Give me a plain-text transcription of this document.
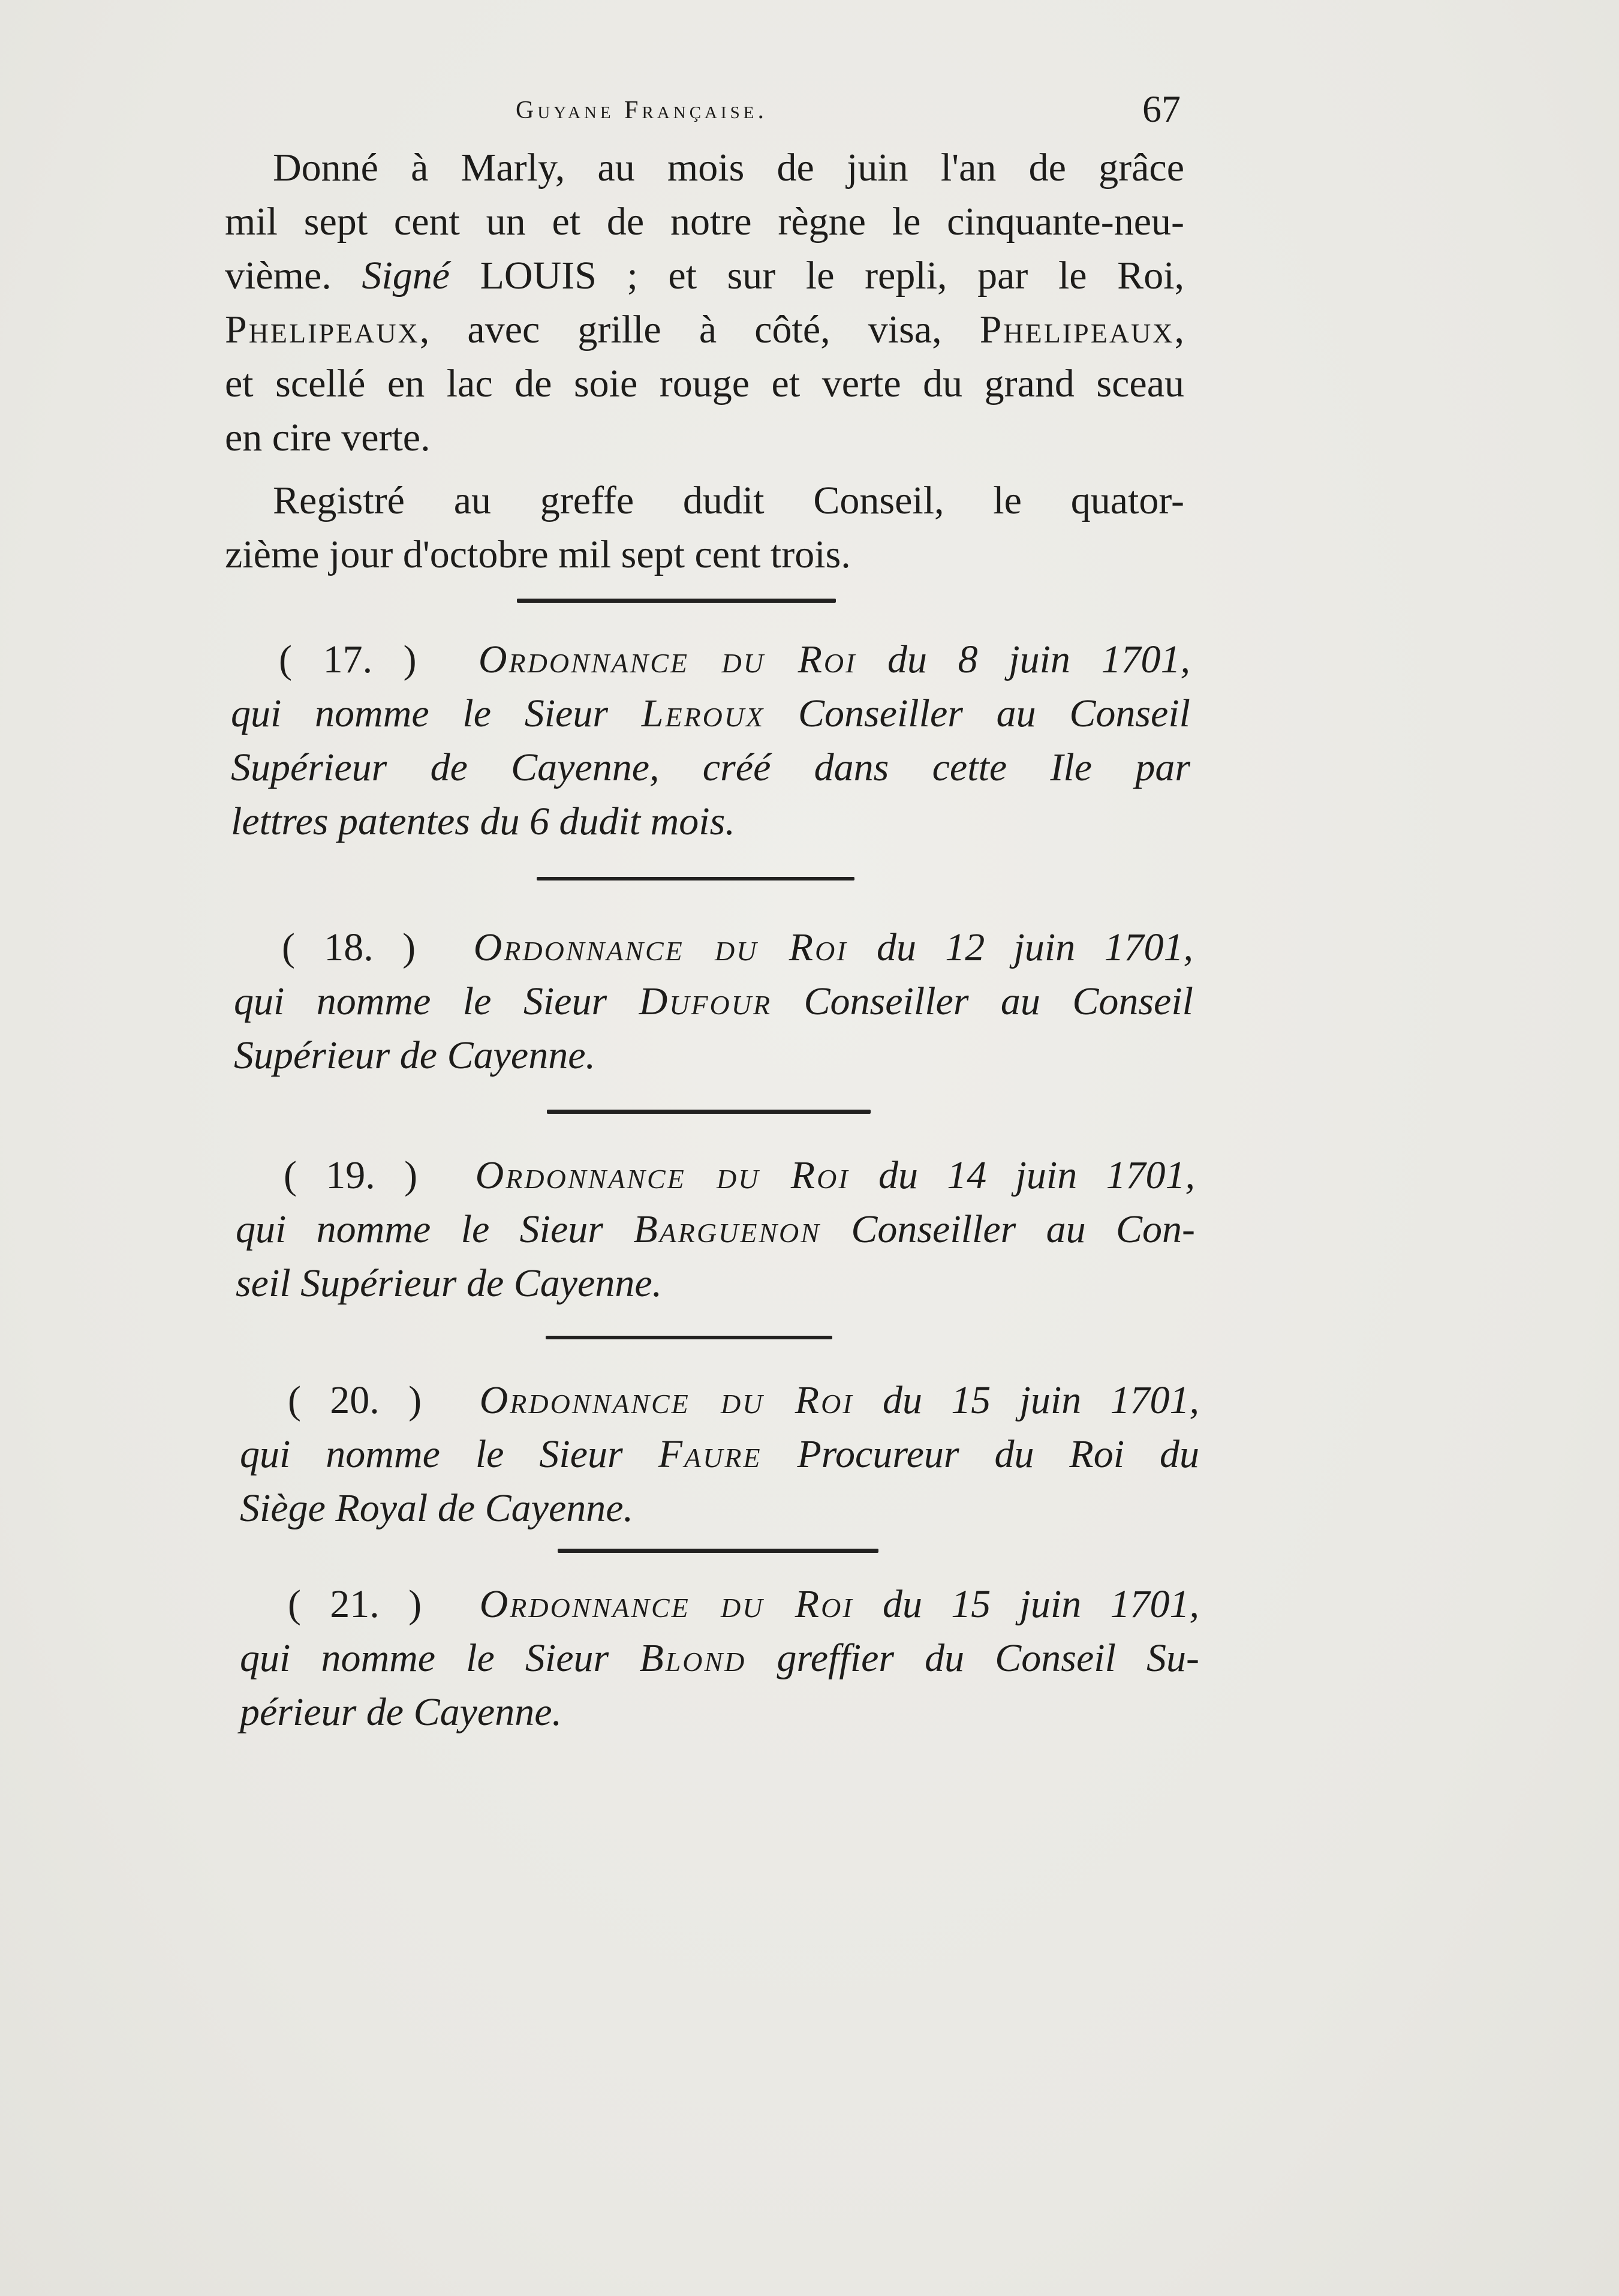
Guyane Française.	67
Donné à Marly, au mois de juin l'an de grâce
mil sept cent un et de notre règne le cinquante-neu-
vième. Signé LOUIS ; et sur le repli, par le Roi,
Phelipeaux, avec grille à côté, visa, Phelipeaux,
et scellé en lac de soie rouge et verte du grand sceau
en cire verte.
Registré au greffe dudit Conseil, le quator-
zième jour d'octobre mil sept cent trois.
( 17. ) Ordonnance du Roi du 8 juin 1701,
qui nomme le Sieur Leroux Conseiller au Conseil
Supérieur de Cayenne, créé dans cette Ile par
lettres patentes du 6 dudit mois.
( 18. ) Ordonnance du Roi du 12 juin 1701,
qui nomme le Sieur Dufour Conseiller au Conseil
Supérieur de Cayenne.
( 19. ) Ordonnance du Roi du 14 juin 1701,
qui nomme le Sieur Barguenon Conseiller au Con-
seil Supérieur de Cayenne.
( 20. ) Ordonnance du Roi du 15 juin 1701,
qui nomme le Sieur Faure Procureur du Roi du
Siège Royal de Cayenne.
( 21. ) Ordonnance du Roi du 15 juin 1701,
qui nomme le Sieur Blond greffier du Conseil Su-
périeur de Cayenne.
